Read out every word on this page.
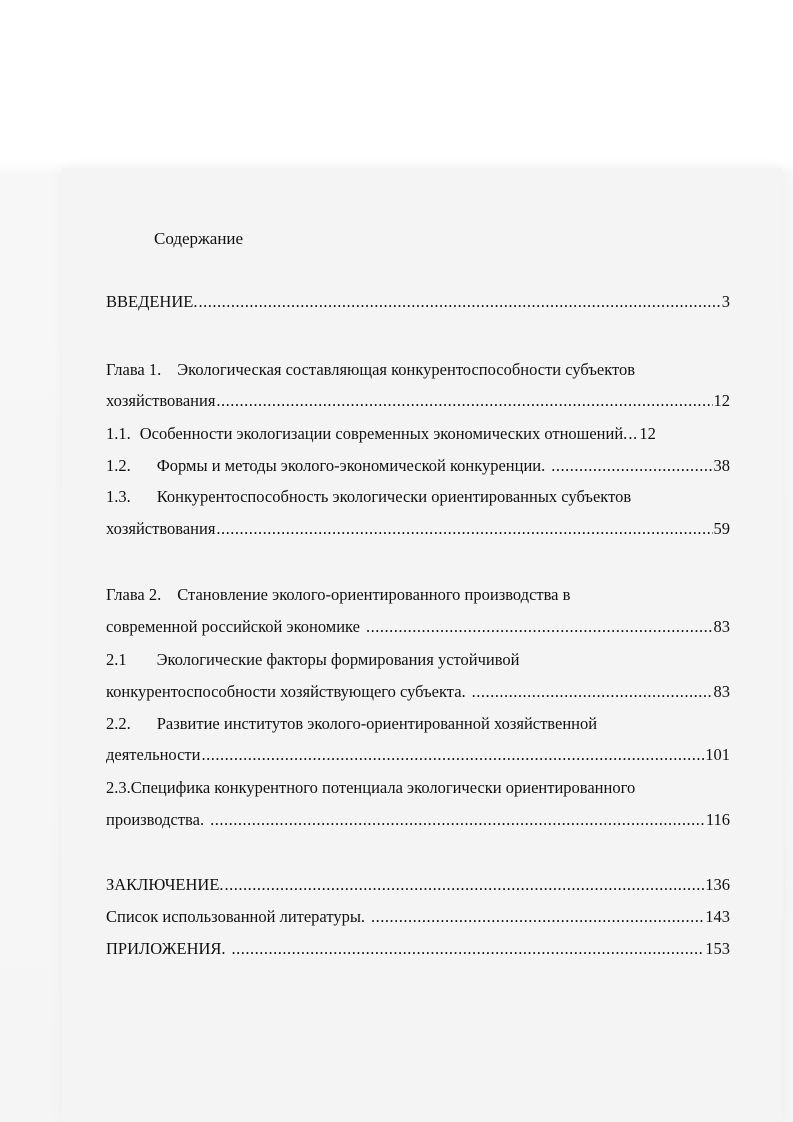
Содержание
ВВЕДЕНИЕ. .....	3
Глава 1. Экологическая составляющая конкурентоспособности субъектов
хозяйствования .....	12
1.1. Особенности экологизации современных экономических отношений. ..... 12
1.2. Формы и методы эколого-экономической конкуренции. .....	38
1.3. Конкурентоспособность экологически ориентированных субъектов
хозяйствования .....	59
Глава 2. Становление эколого-ориентированного производства в
современной российской экономике .....	83
2.1 Экологические факторы формирования устойчивой
конкурентоспособности хозяйствующего субъекта. .....	83
2.2. Развитие институтов эколого-ориентированной хозяйственной
деятельности .....	101
2.3.Специфика конкурентного потенциала экологически ориентированного
производства. .....	116
ЗАКЛЮЧЕНИЕ. .....	136
Список использованной литературы. .....	143
ПРИЛОЖЕНИЯ. .....	153
